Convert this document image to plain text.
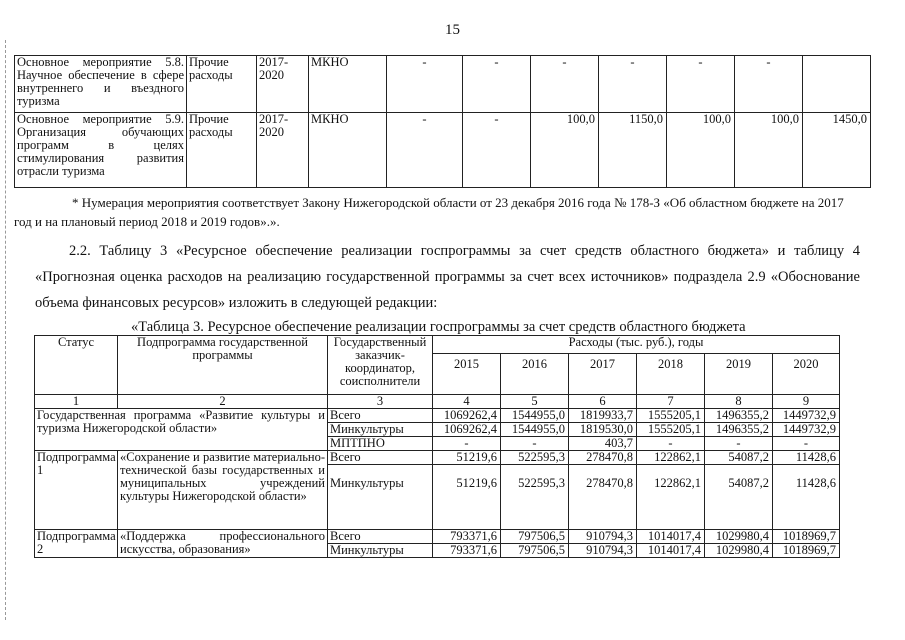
15
Основное мероприятие 5.8. Научное обеспечение в сфере внутреннего и въездного туризма	Прочие расходы	2017-2020	МКНО	-	-	-	-	-	-	
Основное мероприятие 5.9. Организация обучающих программ в целях стимулирования развития отрасли туризма	Прочие расходы	2017-2020	МКНО	-	-	100,0	1150,0	100,0	100,0	1450,0
* Нумерация мероприятия соответствует Закону Нижегородской области от 23 декабря 2016 года № 178-З «Об областном бюджете на 2017 год и на плановый период 2018 и 2019 годов».».
2.2. Таблицу 3 «Ресурсное обеспечение реализации госпрограммы за счет средств областного бюджета» и таблицу 4 «Прогнозная оценка расходов на реализацию государственной программы за счет всех источников» подраздела 2.9 «Обоснование объема финансовых ресурсов» изложить в следующей редакции:
«Таблица 3. Ресурсное обеспечение реализации госпрограммы за счет средств областного бюджета
Статус	Подпрограмма государственной программы	Государственный заказчик-координатор, соисполнители	Расходы (тыс. руб.), годы					
			2015	2016	2017	2018	2019	2020
1	2	3	4	5	6	7	8	9
Государственная программа «Развитие культуры и туризма Нижегородской области»		Всего	1069262,4	1544955,0	1819933,7	1555205,1	1496355,2	1449732,9
		Минкультуры	1069262,4	1544955,0	1819530,0	1555205,1	1496355,2	1449732,9
		МПТПНО	-	-	403,7	-	-	-
Подпрограмма 1	«Сохранение и развитие материально-технической базы государственных и муниципальных учреждений культуры Нижегородской области»	Всего	51219,6	522595,3	278470,8	122862,1	54087,2	11428,6
		Минкультуры	51219,6	522595,3	278470,8	122862,1	54087,2	11428,6
Подпрограмма 2	«Поддержка профессионального искусства, образования»	Всего	793371,6	797506,5	910794,3	1014017,4	1029980,4	1018969,7
		Минкультуры	793371,6	797506,5	910794,3	1014017,4	1029980,4	1018969,7
